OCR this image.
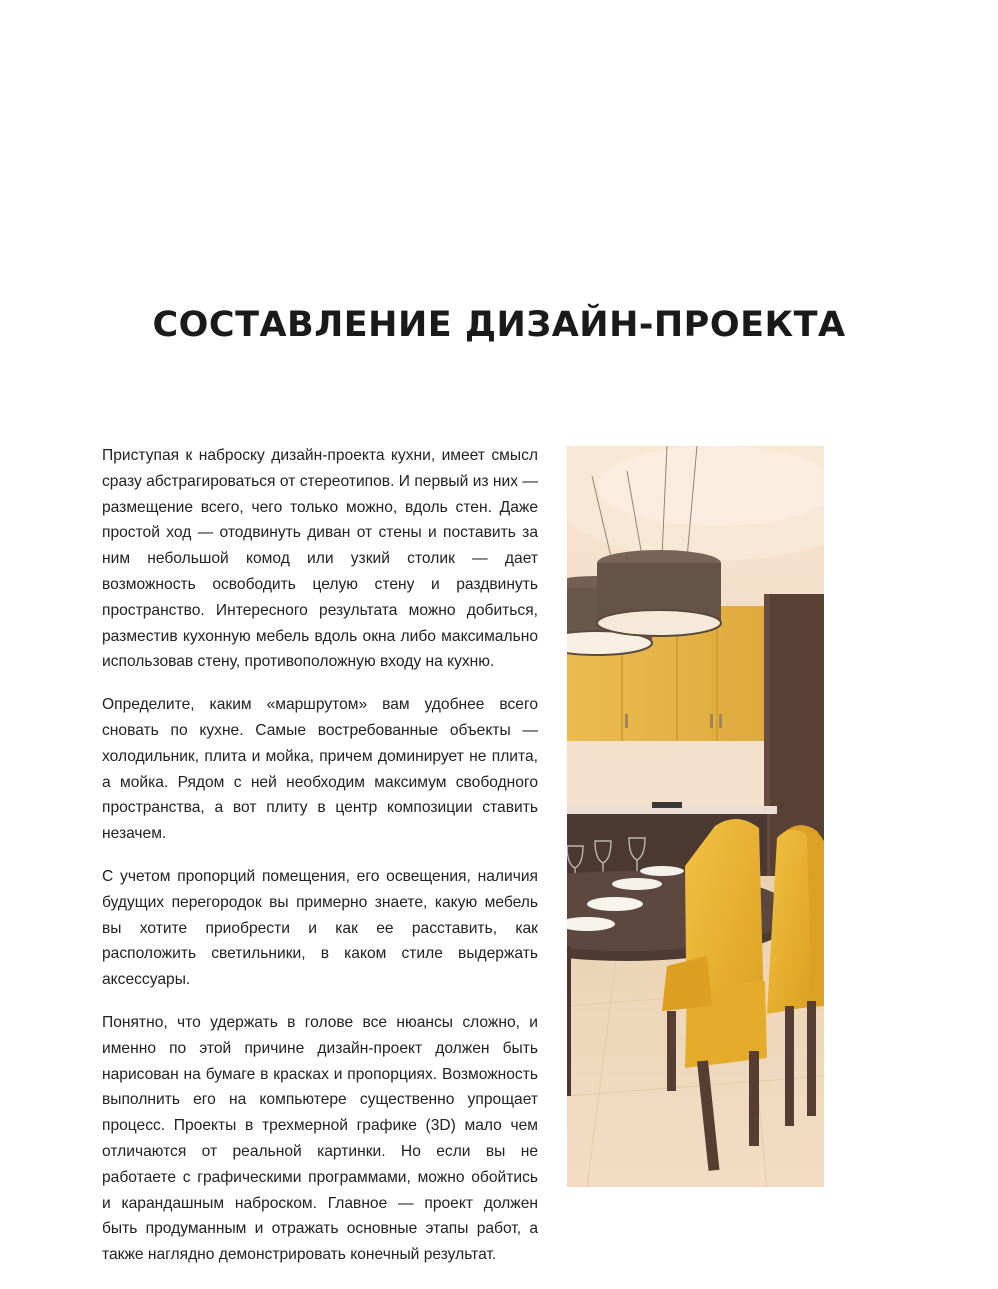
СОСТАВЛЕНИЕ ДИЗАЙН-ПРОЕКТА

Приступая к наброску дизайн-проекта кухни, имеет смысл сразу абстрагироваться от стереотипов. И первый из них — размещение всего, чего только можно, вдоль стен. Даже простой ход — отодвинуть диван от стены и поставить за ним небольшой комод или узкий столик — дает возможность освободить целую стену и раздвинуть пространство. Интересного результата можно добиться, разместив кухонную мебель вдоль окна либо максимально использовав стену, противоположную входу на кухню.

Определите, каким «маршрутом» вам удобнее всего сновать по кухне. Самые востребованные объекты — холодильник, плита и мойка, причем доминирует не плита, а мойка. Рядом с ней необходим максимум свободного пространства, а вот плиту в центр композиции ставить незачем.

С учетом пропорций помещения, его освещения, наличия будущих перегородок вы примерно знаете, какую мебель вы хотите приобрести и как ее расставить, как расположить светильники, в каком стиле выдержать аксессуары.

Понятно, что удержать в голове все нюансы сложно, и именно по этой причине дизайн-проект должен быть нарисован на бумаге в красках и пропорциях. Возможность выполнить его на компьютере существенно упрощает процесс. Проекты в трехмерной графике (3D) мало чем отличаются от реальной картинки. Но если вы не работаете с графическими программами, можно обойтись и карандашным наброском. Главное — проект должен быть продуманным и отражать основные этапы работ, а также наглядно демонстрировать конечный результат.
